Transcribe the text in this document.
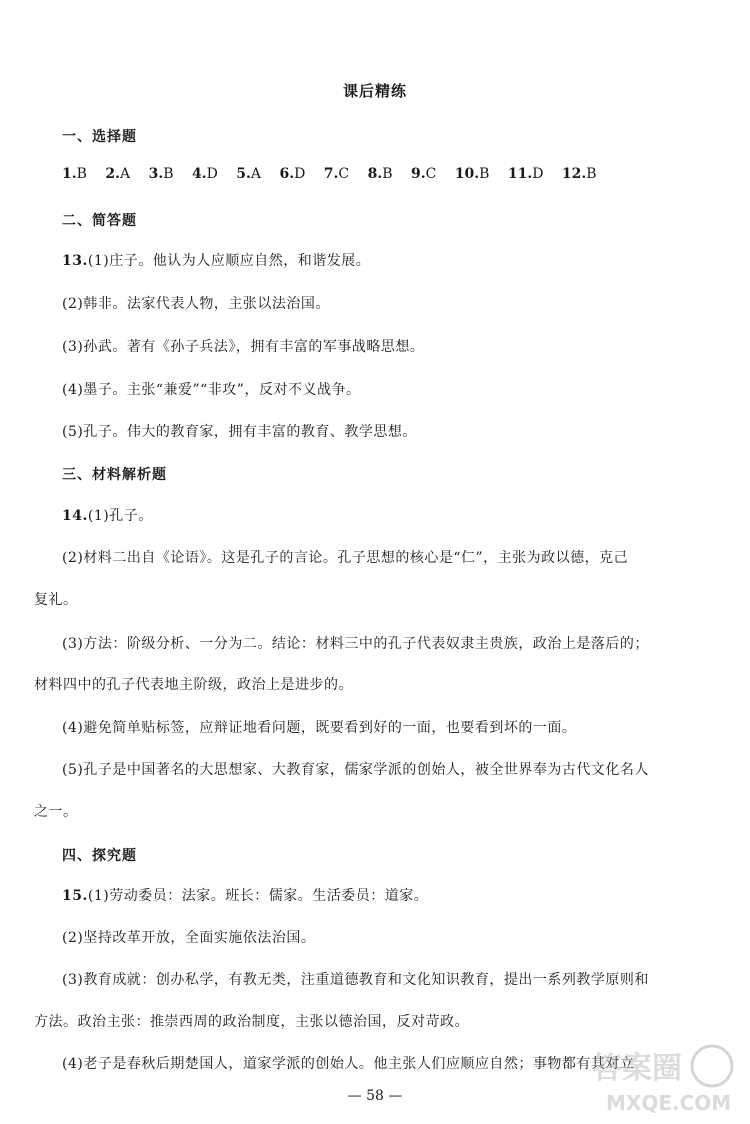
课后精练
一、选择题
1.B 2.A 3.B 4.D 5.A 6.D 7.C 8.B 9.C 10.B 11.D 12.B
二、简答题
13.(1)庄子。他认为人应顺应自然，和谐发展。
(2)韩非。法家代表人物，主张以法治国。
(3)孙武。著有《孙子兵法》，拥有丰富的军事战略思想。
(4)墨子。主张“兼爱”“非攻”，反对不义战争。
(5)孔子。伟大的教育家，拥有丰富的教育、教学思想。
三、材料解析题
14.(1)孔子。
(2)材料二出自《论语》。这是孔子的言论。孔子思想的核心是“仁”，主张为政以德，克己
复礼。
(3)方法：阶级分析、一分为二。结论：材料三中的孔子代表奴隶主贵族，政治上是落后的；
材料四中的孔子代表地主阶级，政治上是进步的。
(4)避免简单贴标签，应辩证地看问题，既要看到好的一面，也要看到坏的一面。
(5)孔子是中国著名的大思想家、大教育家，儒家学派的创始人，被全世界奉为古代文化名人
之一。
四、探究题
15.(1)劳动委员：法家。班长：儒家。生活委员：道家。
(2)坚持改革开放，全面实施依法治国。
(3)教育成就：创办私学，有教无类，注重道德教育和文化知识教育，提出一系列教学原则和
方法。政治主张：推崇西周的政治制度，主张以德治国，反对苛政。
(4)老子是春秋后期楚国人，道家学派的创始人。他主张人们应顺应自然；事物都有其对立
— 58 —
答案圈
MXQE.COM
